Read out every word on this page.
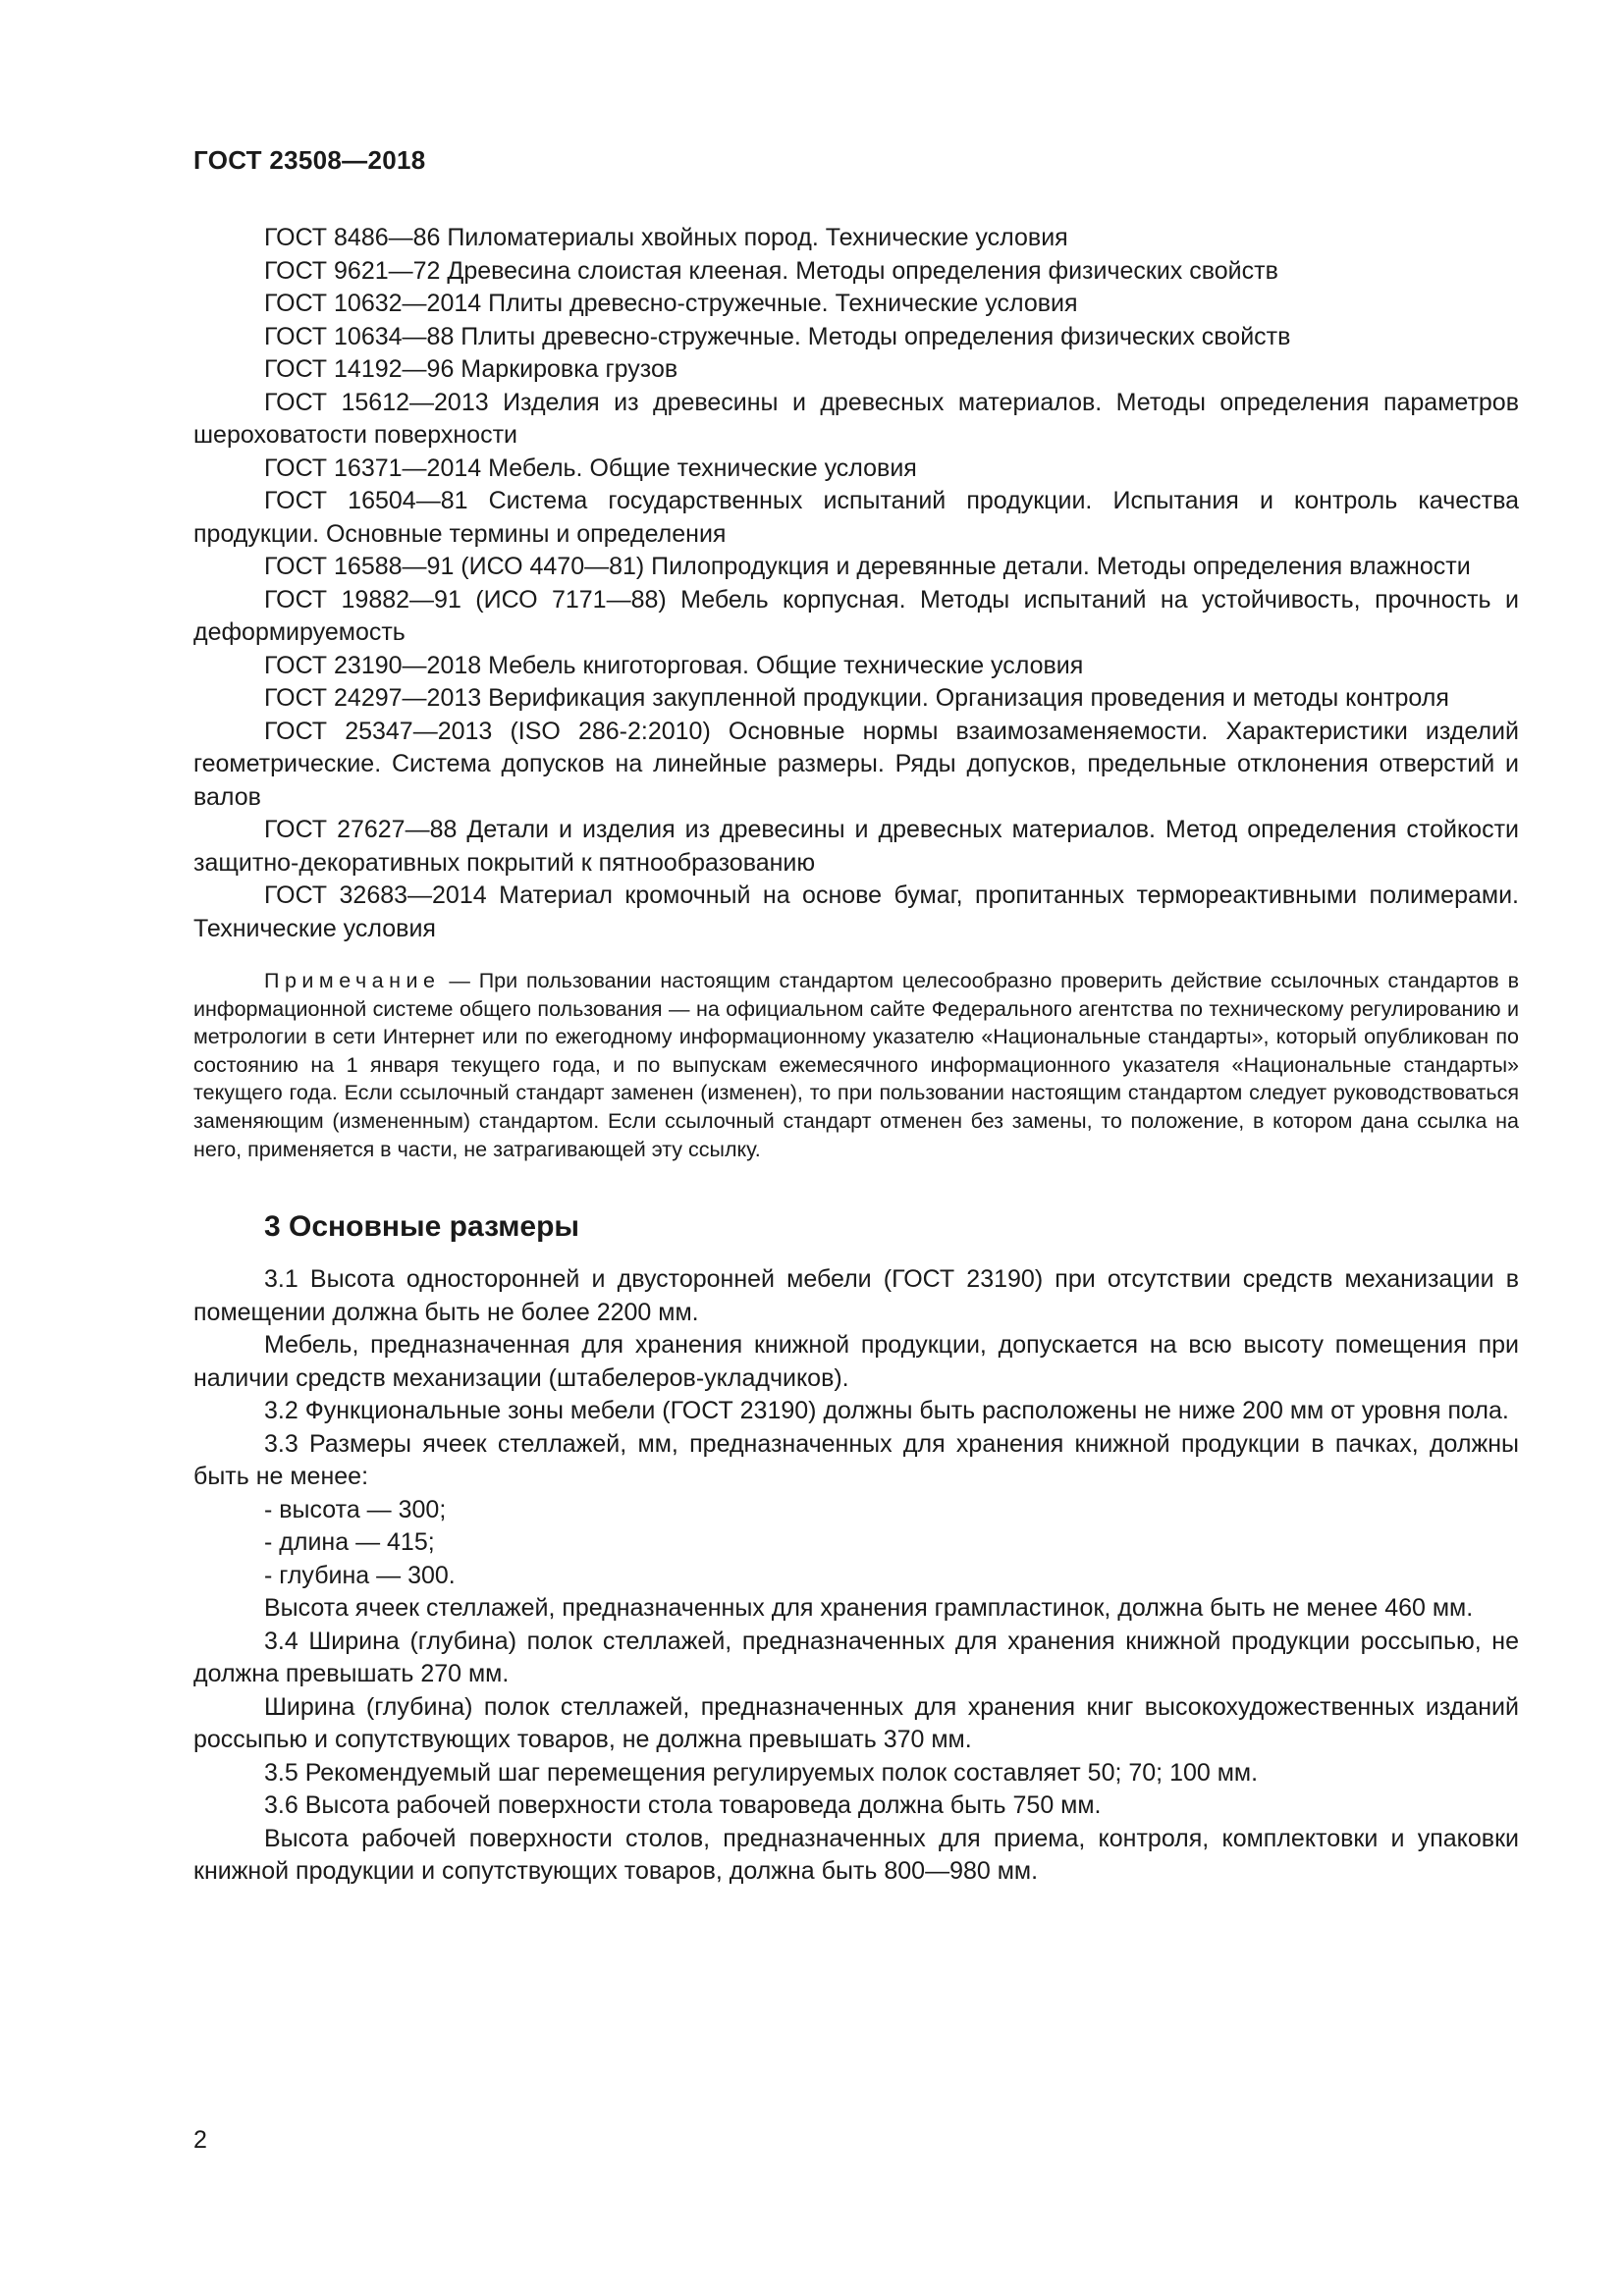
ГОСТ 23508—2018

ГОСТ 8486—86 Пиломатериалы хвойных пород. Технические условия

ГОСТ 9621—72 Древесина слоистая клееная. Методы определения физических свойств

ГОСТ 10632—2014 Плиты древесно-стружечные. Технические условия

ГОСТ 10634—88 Плиты древесно-стружечные. Методы определения физических свойств

ГОСТ 14192—96 Маркировка грузов

ГОСТ 15612—2013 Изделия из древесины и древесных материалов. Методы определения параметров шероховатости поверхности

ГОСТ 16371—2014 Мебель. Общие технические условия

ГОСТ 16504—81 Система государственных испытаний продукции. Испытания и контроль качества продукции. Основные термины и определения

ГОСТ 16588—91 (ИСО 4470—81) Пилопродукция и деревянные детали. Методы определения влажности

ГОСТ 19882—91 (ИСО 7171—88) Мебель корпусная. Методы испытаний на устойчивость, прочность и деформируемость

ГОСТ 23190—2018 Мебель книготорговая. Общие технические условия

ГОСТ 24297—2013 Верификация закупленной продукции. Организация проведения и методы контроля

ГОСТ 25347—2013 (ISO 286-2:2010) Основные нормы взаимозаменяемости. Характеристики изделий геометрические. Система допусков на линейные размеры. Ряды допусков, предельные отклонения отверстий и валов

ГОСТ 27627—88 Детали и изделия из древесины и древесных материалов. Метод определения стойкости защитно-декоративных покрытий к пятнообразованию

ГОСТ 32683—2014 Материал кромочный на основе бумаг, пропитанных термореактивными полимерами. Технические условия

Примечание — При пользовании настоящим стандартом целесообразно проверить действие ссылочных стандартов в информационной системе общего пользования — на официальном сайте Федерального агентства по техническому регулированию и метрологии в сети Интернет или по ежегодному информационному указателю «Национальные стандарты», который опубликован по состоянию на 1 января текущего года, и по выпускам ежемесячного информационного указателя «Национальные стандарты» текущего года. Если ссылочный стандарт заменен (изменен), то при пользовании настоящим стандартом следует руководствоваться заменяющим (измененным) стандартом. Если ссылочный стандарт отменен без замены, то положение, в котором дана ссылка на него, применяется в части, не затрагивающей эту ссылку.
3 Основные размеры

3.1 Высота односторонней и двусторонней мебели (ГОСТ 23190) при отсутствии средств механизации в помещении должна быть не более 2200 мм.

Мебель, предназначенная для хранения книжной продукции, допускается на всю высоту помещения при наличии средств механизации (штабелеров-укладчиков).

3.2 Функциональные зоны мебели (ГОСТ 23190) должны быть расположены не ниже 200 мм от уровня пола.

3.3 Размеры ячеек стеллажей, мм, предназначенных для хранения книжной продукции в пачках, должны быть не менее:

- высота — 300;
- длина — 415;
- глубина — 300.

Высота ячеек стеллажей, предназначенных для хранения грампластинок, должна быть не менее 460 мм.

3.4 Ширина (глубина) полок стеллажей, предназначенных для хранения книжной продукции россыпью, не должна превышать 270 мм.

Ширина (глубина) полок стеллажей, предназначенных для хранения книг высокохудожественных изданий россыпью и сопутствующих товаров, не должна превышать 370 мм.

3.5 Рекомендуемый шаг перемещения регулируемых полок составляет 50; 70; 100 мм.

3.6 Высота рабочей поверхности стола товароведа должна быть 750 мм.

Высота рабочей поверхности столов, предназначенных для приема, контроля, комплектовки и упаковки книжной продукции и сопутствующих товаров, должна быть 800—980 мм.

2
